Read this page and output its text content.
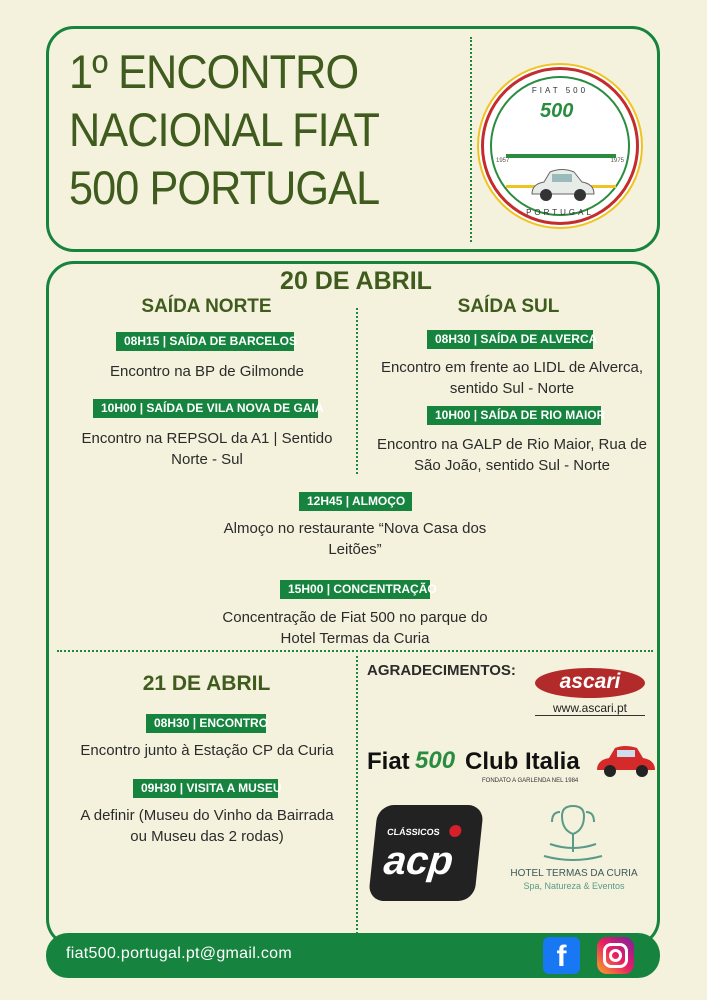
1º ENCONTRO
NACIONAL FIAT
500 PORTUGAL
FIAT 500
500
1957	1975
PORTUGAL
20 DE ABRIL
SAÍDA NORTE	SAÍDA SUL
08H15 | SAÍDA DE BARCELOS
Encontro na BP de Gilmonde
10H00 | SAÍDA DE VILA NOVA DE GAIA
Encontro na REPSOL da A1 | Sentido
Norte - Sul
08H30 | SAÍDA DE ALVERCA
Encontro em frente ao LIDL de Alverca,
sentido Sul - Norte
10H00 | SAÍDA DE RIO MAIOR
Encontro na GALP de Rio Maior, Rua de
São João, sentido Sul - Norte
12H45 | ALMOÇO
Almoço no restaurante “Nova Casa dos
Leitões”
15H00 | CONCENTRAÇÃO
Concentração de Fiat 500 no parque do
Hotel Termas da Curia
21 DE ABRIL
08H30 | ENCONTRO
Encontro junto à Estação CP da Curia
09H30 | VISITA A MUSEU
A definir (Museu do Vinho da Bairrada
ou Museu das 2 rodas)
AGRADECIMENTOS:	ascari
www.ascari.pt
Fiat 500 Club Italia
FONDATO A GARLENDA NEL 1984
CLÁSSICOS
acp	HOTEL TERMAS DA CURIA
Spa, Natureza & Eventos
fiat500.portugal.pt@gmail.com	f
